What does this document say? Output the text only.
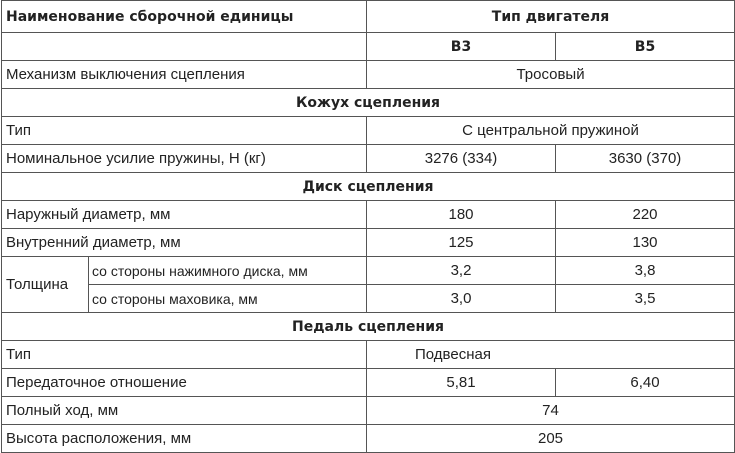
Наименование сборочной единицы		Тип двигателя	
		B3	B5
Механизм выключения сцепления		Тросовый	
Кожух сцепления			
Тип		С центральной пружиной	
Номинальное усилие пружины, Н (кг)		3276 (334)	3630 (370)
Диск сцепления			
Наружный диаметр, мм		180	220
Внутренний диаметр, мм		125	130
Толщина	со стороны нажимного диска, мм	3,2	3,8
	со стороны маховика, мм	3,0	3,5
Педаль сцепления			
Тип		Подвесная	
Передаточное отношение		5,81	6,40
Полный ход, мм		74	
Высота расположения, мм		205	
